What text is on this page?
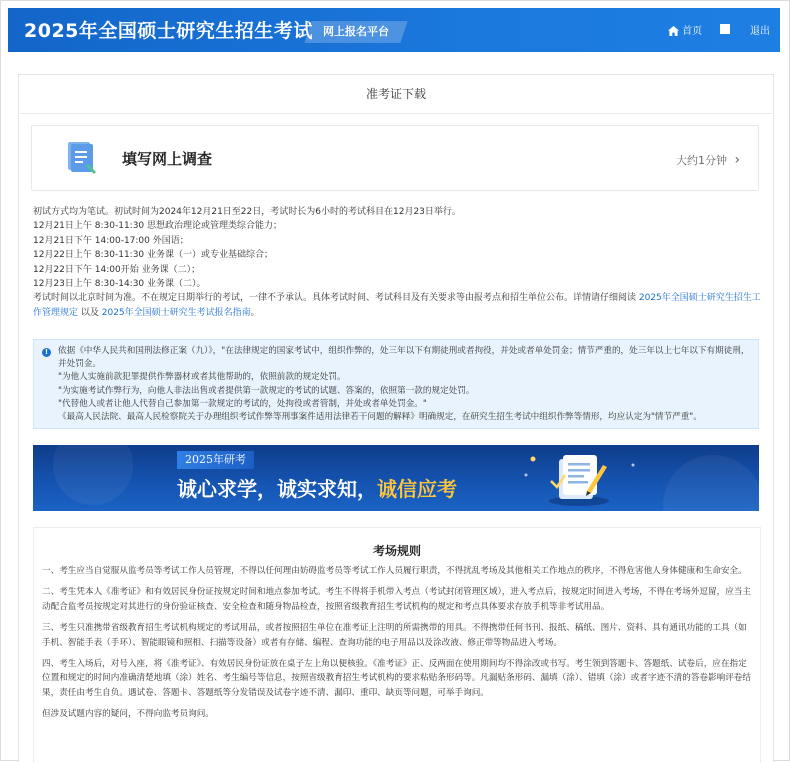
2025年全国硕士研究生招生考试 网上报名平台	首页	退出
准考证下载
填写网上调查	大约1分钟 ›

初试方式均为笔试。初试时间为2024年12月21日至22日，考试时长为6小时的考试科目在12月23日举行。

12月21日上午 8:30-11:30 思想政治理论或管理类综合能力；

12月21日下午 14:00-17:00 外国语；

12月22日上午 8:30-11:30 业务课（一）或专业基础综合；

12月22日下午 14:00开始 业务课（二）；

12月23日上午 8:30-14:30 业务课（二）。

考试时间以北京时间为准。不在规定日期举行的考试，一律不予承认。具体考试时间、考试科目及有关要求等由报考点和招生单位公布。详情请仔细阅读 2025年全国硕士研究生招生工作管理规定 以及 2025年全国硕士研究生考试报名指南。

!	依据《中华人民共和国刑法修正案（九）》，"在法律规定的国家考试中，组织作弊的，处三年以下有期徒刑或者拘役，并处或者单处罚金；情节严重的，处三年以上七年以下有期徒刑，并处罚金。

"为他人实施前款犯罪提供作弊器材或者其他帮助的，依照前款的规定处罚。

"为实施考试作弊行为，向他人非法出售或者提供第一款规定的考试的试题、答案的，依照第一款的规定处罚。

"代替他人或者让他人代替自己参加第一款规定的考试的，处拘役或者管制，并处或者单处罚金。"

《最高人民法院、最高人民检察院关于办理组织考试作弊等刑事案件适用法律若干问题的解释》明确规定，在研究生招生考试中组织作弊等情形，均应认定为"情节严重"。

2025年研考
诚心求学，诚实求知，诚信应考
考场规则

一、考生应当自觉服从监考员等考试工作人员管理，不得以任何理由妨碍监考员等考试工作人员履行职责，不得扰乱考场及其他相关工作地点的秩序，不得危害他人身体健康和生命安全。

二、考生凭本人《准考证》和有效居民身份证按规定时间和地点参加考试。考生不得将手机带入考点（考试封闭管理区域），进入考点后，按规定时间进入考场，不得在考场外逗留，应当主动配合监考员按规定对其进行的身份验证核查、安全检查和随身物品检查，按照省级教育招生考试机构的规定和考点具体要求存放手机等非考试用品。

三、考生只准携带省级教育招生考试机构规定的考试用品，或者按照招生单位在准考证上注明的所需携带的用具。不得携带任何书刊、报纸、稿纸、图片、资料、具有通讯功能的工具（如手机、智能手表（手环）、智能眼镜和照相、扫描等设备）或者有存储、编程、查询功能的电子用品以及涂改液、修正带等物品进入考场。

四、考生入场后，对号入座，将《准考证》、有效居民身份证放在桌子左上角以便核验。《准考证》正、反两面在使用期间均不得涂改或书写。考生领到答题卡、答题纸、试卷后，应在指定位置和规定的时间内准确清楚地填（涂）姓名、考生编号等信息，按照省级教育招生考试机构的要求粘贴条形码等。凡漏贴条形码、漏填（涂）、错填（涂）或者字迹不清的答卷影响评卷结果，责任由考生自负。遇试卷、答题卡、答题纸等分发错误及试卷字迹不清、漏印、重印、缺页等问题，可举手询问。

但涉及试题内容的疑问，不得向监考员询问。
